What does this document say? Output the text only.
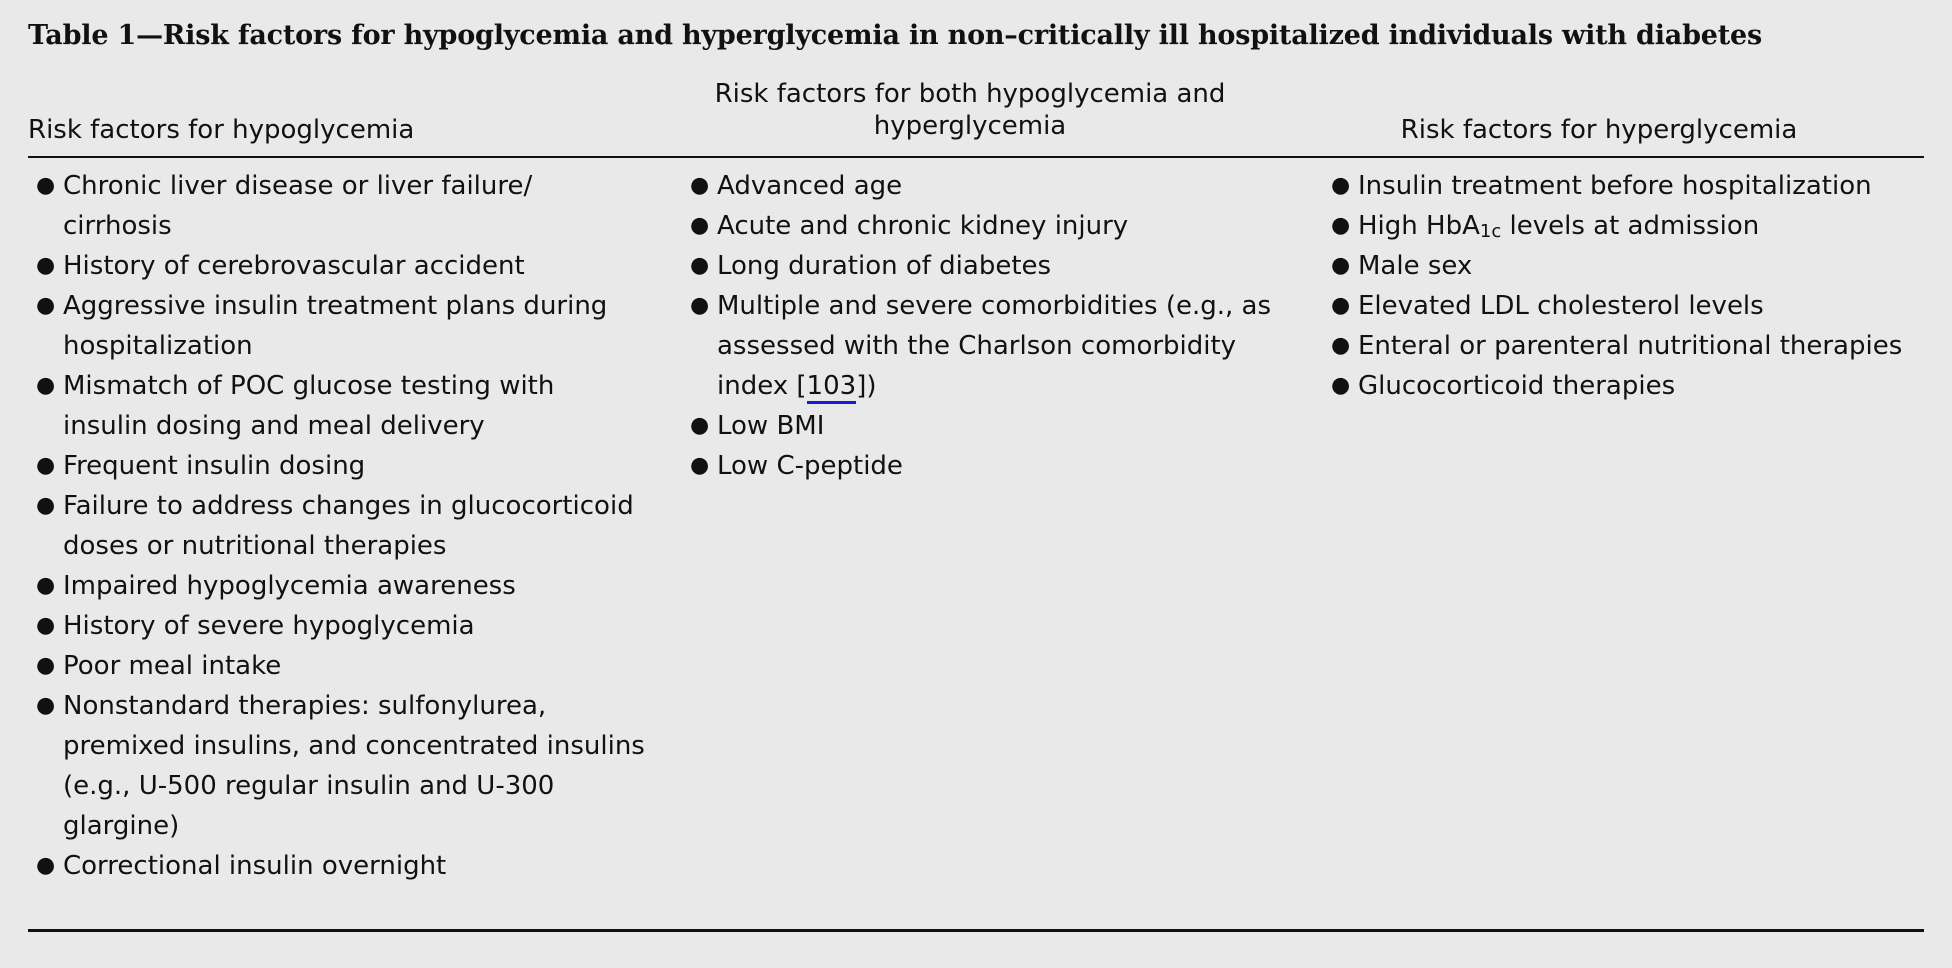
Table 1—Risk factors for hypoglycemia and hyperglycemia in non–critically ill hospitalized individuals with diabetes
Risk factors for hypoglycemia
Risk factors for both hypoglycemia and hyperglycemia	Risk factors for hyperglycemia
● Chronic liver disease or liver failure/ cirrhosis
● History of cerebrovascular accident
● Aggressive insulin treatment plans during hospitalization
● Mismatch of POC glucose testing with insulin dosing and meal delivery
● Frequent insulin dosing
● Failure to address changes in glucocorticoid doses or nutritional therapies
● Impaired hypoglycemia awareness
● History of severe hypoglycemia
● Poor meal intake
● Nonstandard therapies: sulfonylurea, premixed insulins, and concentrated insulins (e.g., U-500 regular insulin and U-300 glargine)
● Correctional insulin overnight
● Advanced age
● Acute and chronic kidney injury
● Long duration of diabetes
● Multiple and severe comorbidities (e.g., as assessed with the Charlson comorbidity index [103])
● Low BMI
● Low C-peptide
● Insulin treatment before hospitalization
● High HbA$_{1c}$ levels at admission
● Male sex
● Elevated LDL cholesterol levels
● Enteral or parenteral nutritional therapies
● Glucocorticoid therapies
